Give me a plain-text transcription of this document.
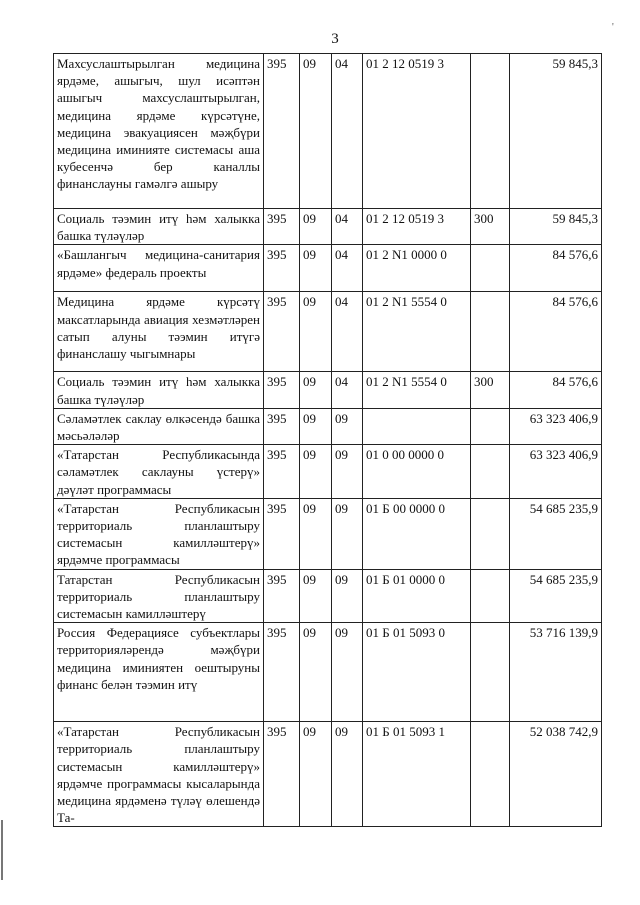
3
'
Махсуслаштырылган медицина ярдәме, ашыгыч, шул исәптән ашыгыч махсуслаштырылган, медицина ярдәме күрсәтүне, медицина эвакуациясен мәҗбүри медицина иминияте системасы аша кубесенчә бер каналлы финанслауны гамәлгә ашыру	395	09	04	01 2 12 0519 3		59 845,3
Социаль тәэмин итү һәм халыкка башка түләүләр	395	09	04	01 2 12 0519 3	300	59 845,3
«Башлангыч медицина-санитария ярдәме» федераль проекты	395	09	04	01 2 N1 0000 0		84 576,6
Медицина ярдәме күрсәтү максатларында авиация хезмәтләрен сатып алуны тәэмин итүгә финанслашу чыгымнары	395	09	04	01 2 N1 5554 0		84 576,6
Социаль тәэмин итү һәм халыкка башка түләүләр	395	09	04	01 2 N1 5554 0	300	84 576,6
Сәламәтлек саклау өлкәсендә башка мәсьәләләр	395	09	09			63 323 406,9
«Татарстан Республикасында сәламәтлек саклауны үстерү» дәүләт программасы	395	09	09	01 0 00 0000 0		63 323 406,9
«Татарстан Республикасын территориаль планлаштыру системасын камилләштерү» ярдәмче программасы	395	09	09	01 Б 00 0000 0		54 685 235,9
Татарстан Республикасын территориаль планлаштыру системасын камилләштерү	395	09	09	01 Б 01 0000 0		54 685 235,9
Россия Федерациясе субъектлары территорияләрендә мәҗбүри медицина иминиятен оештыруны финанс белән тәэмин итү	395	09	09	01 Б 01 5093 0		53 716 139,9
«Татарстан Республикасын территориаль планлаштыру системасын камилләштерү» ярдәмче программасы кысаларында медицина ярдәменә түләү өлешендә Та-	395	09	09	01 Б 01 5093 1		52 038 742,9
